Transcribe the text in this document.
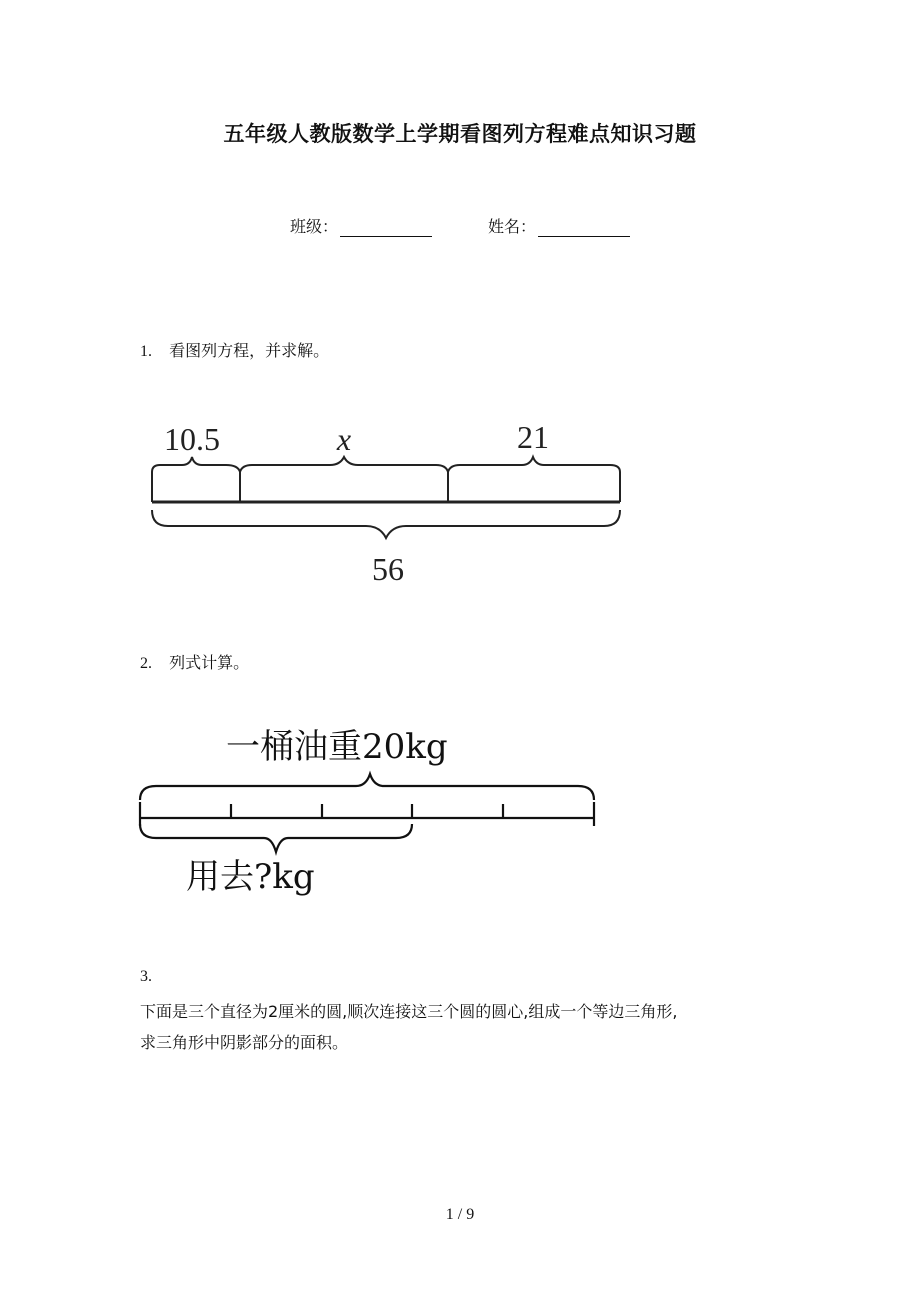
五年级人教版数学上学期看图列方程难点知识习题
班级：	姓名：
1. 看图列方程，并求解。
10.5	x	21
56
2. 列式计算。
一桶油重20kg
用去?kg
3.
下面是三个直径为2厘米的圆,顺次连接这三个圆的圆心,组成一个等边三角形,
求三角形中阴影部分的面积。
1 / 9
